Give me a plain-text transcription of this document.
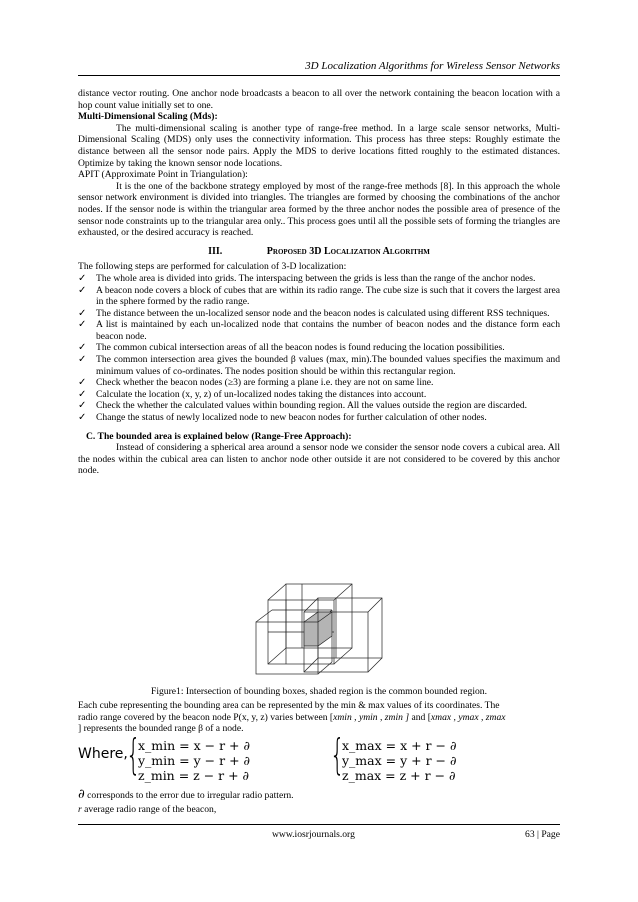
3D Localization Algorithms for Wireless Sensor Networks

distance vector routing. One anchor node broadcasts a beacon to all over the network containing the beacon location with a hop count value initially set to one.

Multi-Dimensional Scaling (Mds):

The multi-dimensional scaling is another type of range-free method. In a large scale sensor networks, Multi-Dimensional Scaling (MDS) only uses the connectivity information. This process has three steps: Roughly estimate the distance between all the sensor node pairs. Apply the MDS to derive locations fitted roughly to the estimated distances. Optimize by taking the known sensor node locations.

APIT (Approximate Point in Triangulation):

It is the one of the backbone strategy employed by most of the range-free methods [8]. In this approach the whole sensor network environment is divided into triangles. The triangles are formed by choosing the combinations of the anchor nodes. If the sensor node is within the triangular area formed by the three anchor nodes the possible area of presence of the sensor node constraints up to the triangular area only.. This process goes until all the possible sets of forming the triangles are exhausted, or the desired accuracy is reached.

III.	Proposed 3D Localization Algorithm

The following steps are performed for calculation of 3-D localization:

✓ The whole area is divided into grids. The interspacing between the grids is less than the range of the anchor nodes.
✓ A beacon node covers a block of cubes that are within its radio range. The cube size is such that it covers the largest area in the sphere formed by the radio range.
✓ The distance between the un-localized sensor node and the beacon nodes is calculated using different RSS techniques.
✓ A list is maintained by each un-localized node that contains the number of beacon nodes and the distance form each beacon node.
✓ The common cubical intersection areas of all the beacon nodes is found reducing the location possibilities.
✓ The common intersection area gives the bounded β values (max, min).The bounded values specifies the maximum and minimum values of co-ordinates. The nodes position should be within this rectangular region.
✓ Check whether the beacon nodes (≥3) are forming a plane i.e. they are not on same line.
✓ Calculate the location (x, y, z) of un-localized nodes taking the distances into account.
✓ Check the whether the calculated values within bounding region. All the values outside the region are discarded.
✓ Change the status of newly localized node to new beacon nodes for further calculation of other nodes.

C. The bounded area is explained below (Range-Free Approach):

Instead of considering a spherical area around a sensor node we consider the sensor node covers a cubical area. All the nodes within the cubical area can listen to anchor node other outside it are not considered to be covered by this anchor node.

Figure1: Intersection of bounding boxes, shaded region is the common bounded region.

Each cube representing the bounding area can be represented by the min & max values of its coordinates. The

radio range covered by the beacon node P(x, y, z) varies between [xmin , ymin , zmin ] and [xmax , ymax , zmax

] represents the bounded range β of a node.

Where,
{
x_min = x − r + ∂
y_min = y − r + ∂
z_min = z − r + ∂ {
x_max = x + r − ∂
y_max = y + r − ∂
z_max = z + r − ∂
∂ corresponds to the error due to irregular radio pattern.
r average radio range of the beacon,
www.iosrjournals.org	63 | Page
